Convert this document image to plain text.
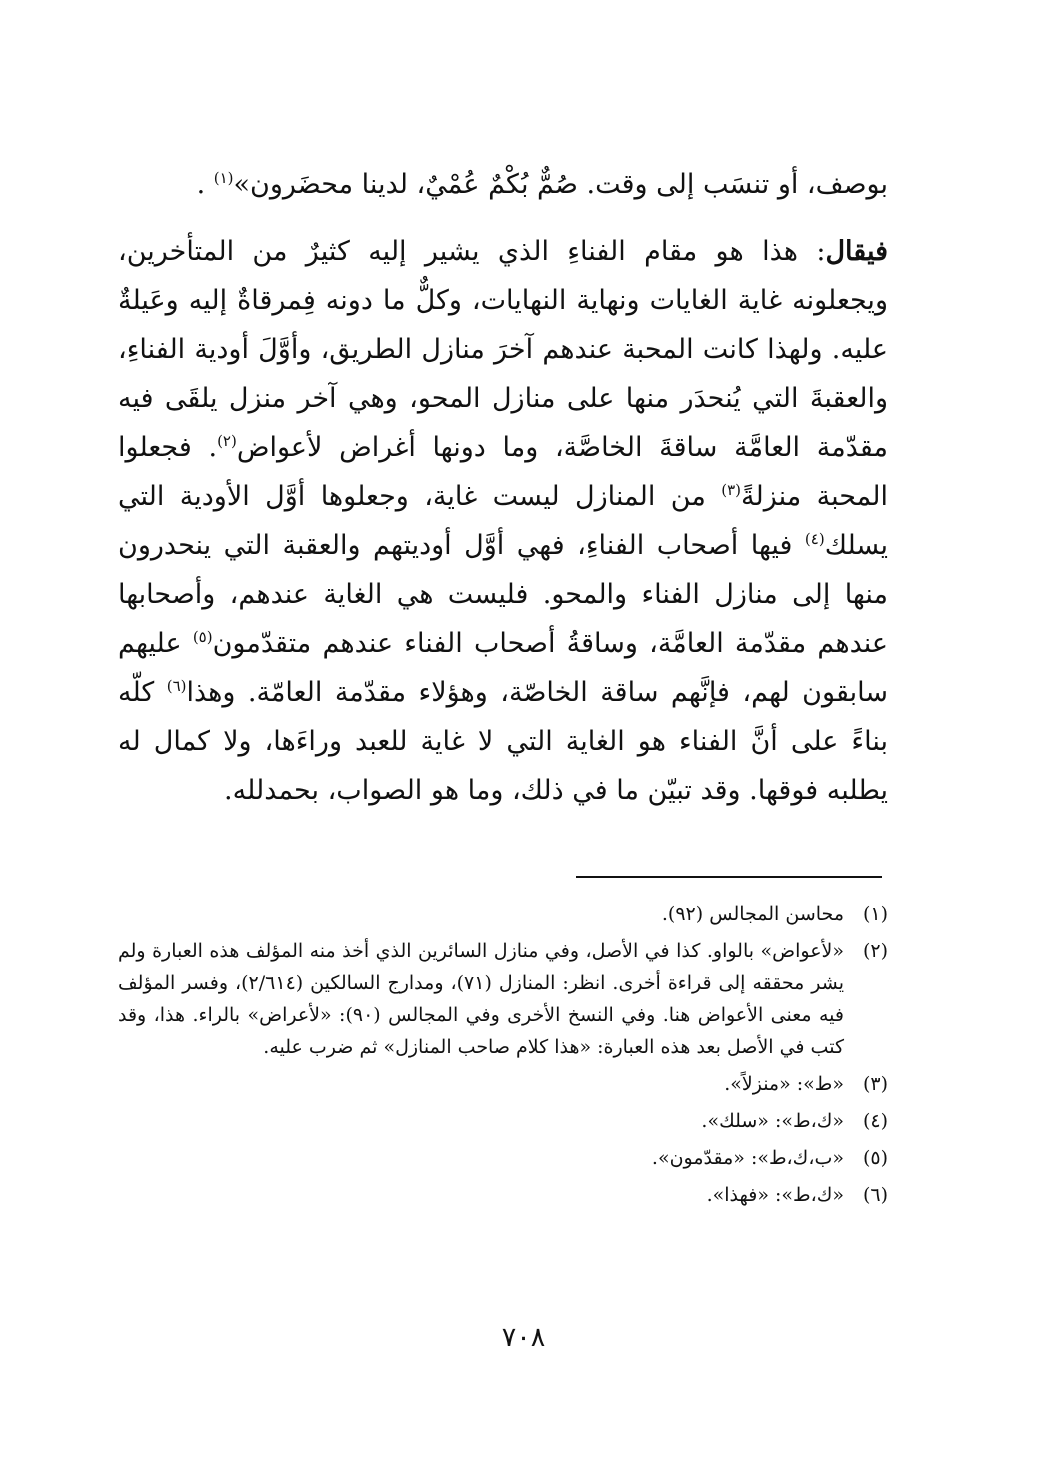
بوصف، أو تنسَب إلى وقت. صُمٌّ بُكْمٌ عُمْيٌ، لدينا محضَرون»$^{(١)}$ .

فيقال: هذا هو مقام الفناءِ الذي يشير إليه كثيرٌ من المتأخرين، ويجعلونه غاية الغايات ونهاية النهايات، وكلٌّ ما دونه فِمرقاةٌ إليه وعَيلةٌ عليه. ولهذا كانت المحبة عندهم آخرَ منازل الطريق، وأوَّلَ أودية الفناءِ، والعقبةَ التي يُنحدَر منها على منازل المحو، وهي آخر منزل يلقَى فيه مقدّمة العامَّة ساقةَ الخاصَّة، وما دونها أغراض لأعواض$^{(٢)}$. فجعلوا المحبة منزلةً$^{(٣)}$ من المنازل ليست غاية، وجعلوها أوَّل الأودية التي يسلك$^{(٤)}$ فيها أصحاب الفناءِ، فهي أوَّل أوديتهم والعقبة التي ينحدرون منها إلى منازل الفناء والمحو. فليست هي الغاية عندهم، وأصحابها عندهم مقدّمة العامَّة، وساقةُ أصحاب الفناء عندهم متقدّمون$^{(٥)}$ عليهم سابقون لهم، فإنَّهم ساقة الخاصّة، وهؤلاء مقدّمة العامّة. وهذا$^{(٦)}$ كلّه بناءً على أنَّ الفناء هو الغاية التي لا غاية للعبد وراءَها، ولا كمال له يطلبه فوقها. وقد تبيّن ما في ذلك، وما هو الصواب، بحمدلله.

(١)
محاسن المجالس (٩٢).
(٢)
«لأعواض» بالواو. كذا في الأصل، وفي منازل السائرين الذي أخذ منه المؤلف هذه العبارة ولم يشر محققه إلى قراءة أخرى. انظر: المنازل (٧١)، ومدارج السالكين (٢/٦١٤)، وفسر المؤلف فيه معنى الأعواض هنا. وفي النسخ الأخرى وفي المجالس (٩٠): «لأعراض» بالراء. هذا، وقد كتب في الأصل بعد هذه العبارة: «هذا كلام صاحب المنازل» ثم ضرب عليه.
(٣)
«ط»: «منزلاً».
(٤)
«ك،ط»: «سلك».
(٥)
«ب،ك،ط»: «مقدّمون».
(٦)
«ك،ط»: «فهذا».
٧٠٨
